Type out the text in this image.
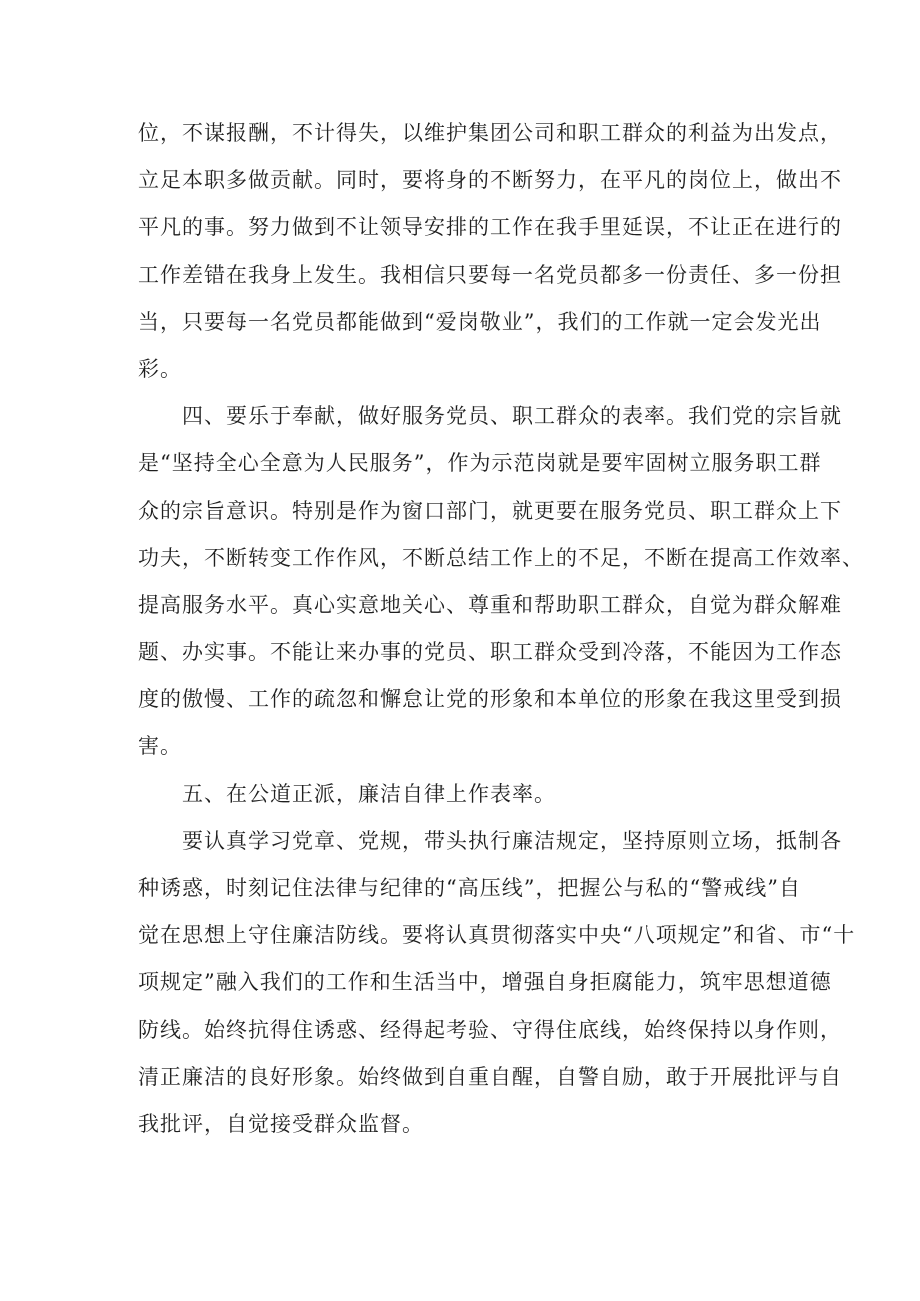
位，不谋报酬，不计得失，以维护集团公司和职工群众的利益为出发点，
立足本职多做贡献。同时，要将身的不断努力，在平凡的岗位上，做出不
平凡的事。努力做到不让领导安排的工作在我手里延误，不让正在进行的
工作差错在我身上发生。我相信只要每一名党员都多一份责任、多一份担
当，只要每一名党员都能做到“爱岗敬业”，我们的工作就一定会发光出
彩。
四、要乐于奉献，做好服务党员、职工群众的表率。我们党的宗旨就
是“坚持全心全意为人民服务”，作为示范岗就是要牢固树立服务职工群
众的宗旨意识。特别是作为窗口部门，就更要在服务党员、职工群众上下
功夫，不断转变工作作风，不断总结工作上的不足，不断在提高工作效率、
提高服务水平。真心实意地关心、尊重和帮助职工群众，自觉为群众解难
题、办实事。不能让来办事的党员、职工群众受到冷落，不能因为工作态
度的傲慢、工作的疏忽和懈怠让党的形象和本单位的形象在我这里受到损
害。
五、在公道正派，廉洁自律上作表率。
要认真学习党章、党规，带头执行廉洁规定，坚持原则立场，抵制各
种诱惑，时刻记住法律与纪律的“高压线”，把握公与私的“警戒线”自
觉在思想上守住廉洁防线。要将认真贯彻落实中央“八项规定”和省、市“十
项规定”融入我们的工作和生活当中，增强自身拒腐能力，筑牢思想道德
防线。始终抗得住诱惑、经得起考验、守得住底线，始终保持以身作则，
清正廉洁的良好形象。始终做到自重自醒，自警自励，敢于开展批评与自
我批评，自觉接受群众监督。
